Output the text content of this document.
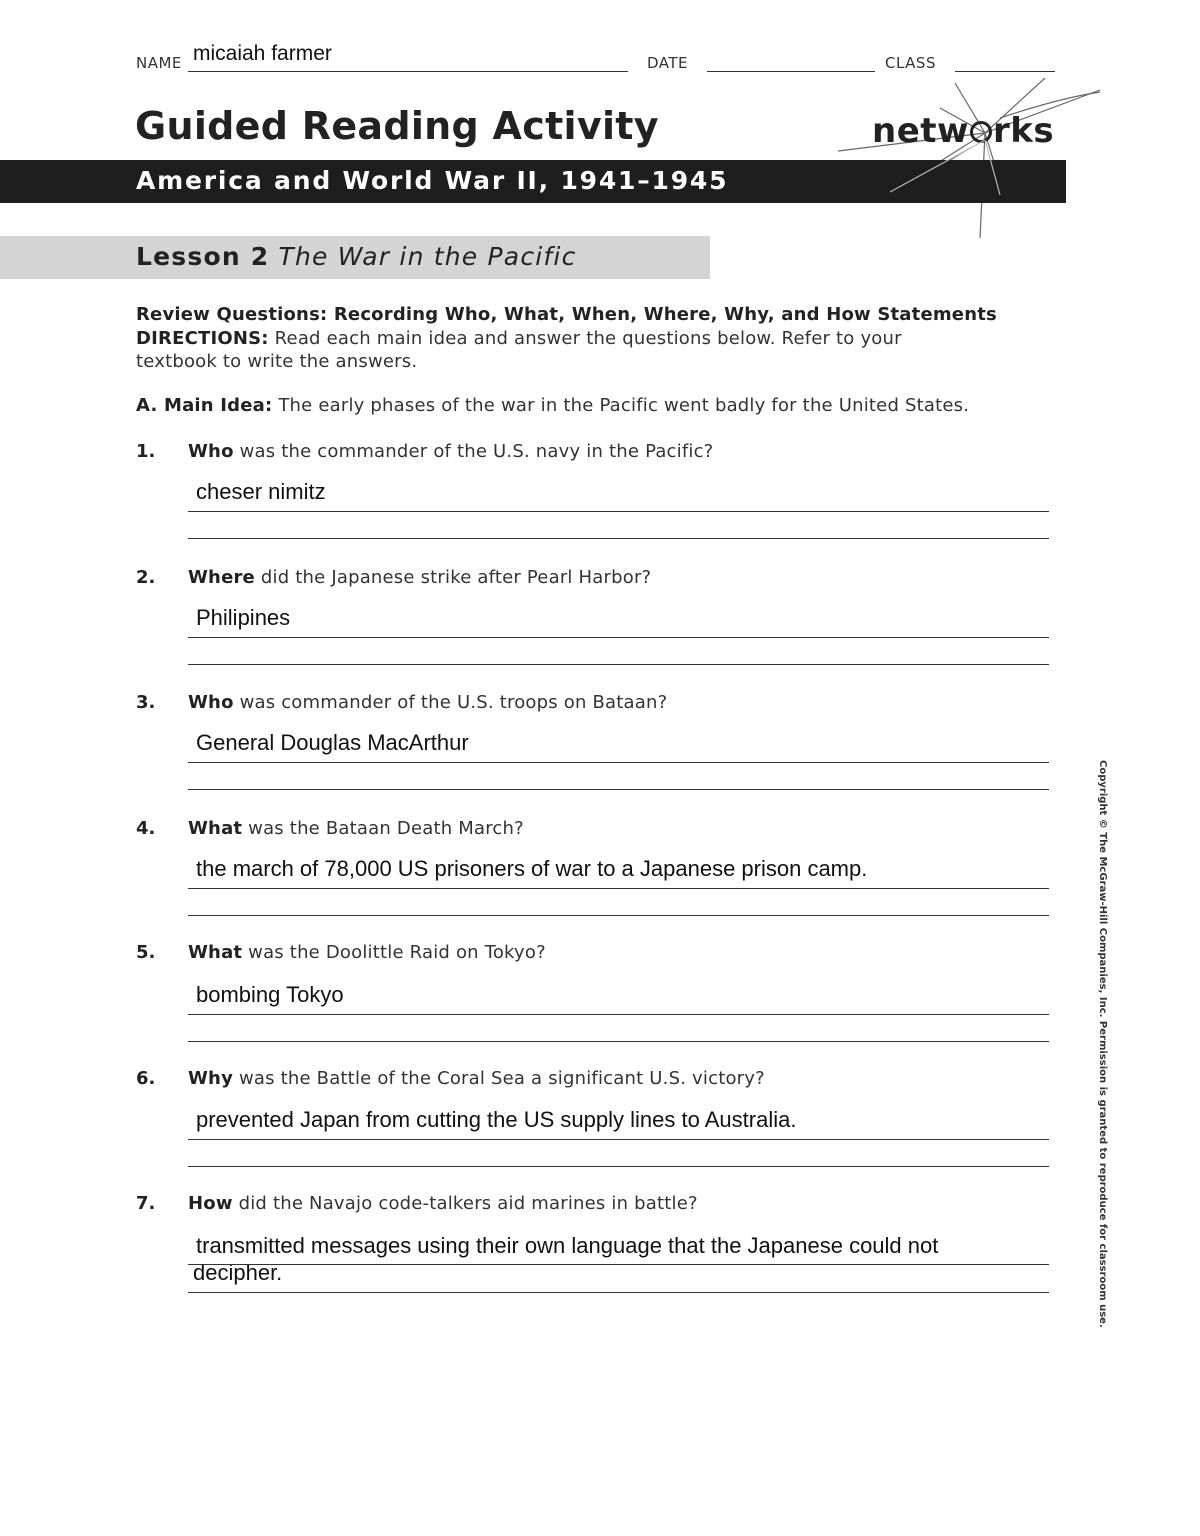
NAME micaiah farmer	DATE	CLASS
Guided Reading Activity	netw rks
America and World War II, 1941–1945
Lesson 2 The War in the Pacific
Review Questions: Recording Who, What, When, Where, Why, and How Statements
DIRECTIONS: Read each main idea and answer the questions below. Refer to your
textbook to write the answers.
A. Main Idea: The early phases of the war in the Pacific went badly for the United States.
1. Who was the commander of the U.S. navy in the Pacific?
cheser nimitz
2. Where did the Japanese strike after Pearl Harbor?
Philipines
3. Who was commander of the U.S. troops on Bataan?
General Douglas MacArthur
4. What was the Bataan Death March?
the march of 78,000 US prisoners of war to a Japanese prison camp.
5. What was the Doolittle Raid on Tokyo?
bombing Tokyo
6. Why was the Battle of the Coral Sea a significant U.S. victory?
prevented Japan from cutting the US supply lines to Australia.
7. How did the Navajo code-talkers aid marines in battle?
transmitted messages using their own language that the Japanese could not decipher.	Copyright © The McGraw-Hill Companies, Inc. Permission is granted to reproduce for classroom use.
